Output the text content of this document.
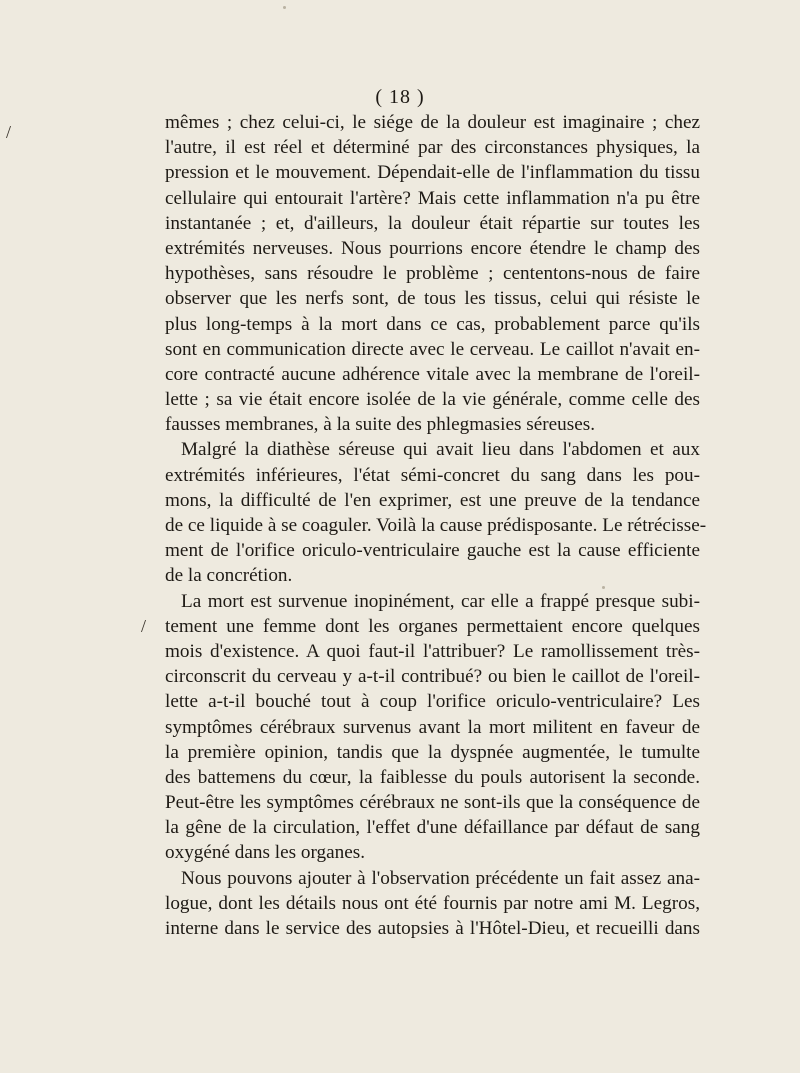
( 18 )
/
/
mêmes ; chez celui-ci, le siége de la douleur est imaginaire ; chez
l'autre, il est réel et déterminé par des circonstances physiques, la
pression et le mouvement. Dépendait-elle de l'inflammation du tissu
cellulaire qui entourait l'artère? Mais cette inflammation n'a pu être
instantanée ; et, d'ailleurs, la douleur était répartie sur toutes les
extrémités nerveuses. Nous pourrions encore étendre le champ des
hypothèses, sans résoudre le problème ; cententons-nous de faire
observer que les nerfs sont, de tous les tissus, celui qui résiste le
plus long-temps à la mort dans ce cas, probablement parce qu'ils
sont en communication directe avec le cerveau. Le caillot n'avait en-
core contracté aucune adhérence vitale avec la membrane de l'oreil-
lette ; sa vie était encore isolée de la vie générale, comme celle des
fausses membranes, à la suite des phlegmasies séreuses.
Malgré la diathèse séreuse qui avait lieu dans l'abdomen et aux
extrémités inférieures, l'état sémi-concret du sang dans les pou-
mons, la difficulté de l'en exprimer, est une preuve de la tendance
de ce liquide à se coaguler. Voilà la cause prédisposante. Le rétrécisse-
ment de l'orifice oriculo-ventriculaire gauche est la cause efficiente
de la concrétion.
La mort est survenue inopinément, car elle a frappé presque subi-
tement une femme dont les organes permettaient encore quelques
mois d'existence. A quoi faut-il l'attribuer? Le ramollissement très-
circonscrit du cerveau y a-t-il contribué? ou bien le caillot de l'oreil-
lette a-t-il bouché tout à coup l'orifice oriculo-ventriculaire? Les
symptômes cérébraux survenus avant la mort militent en faveur de
la première opinion, tandis que la dyspnée augmentée, le tumulte
des battemens du cœur, la faiblesse du pouls autorisent la seconde.
Peut-être les symptômes cérébraux ne sont-ils que la conséquence de
la gêne de la circulation, l'effet d'une défaillance par défaut de sang
oxygéné dans les organes.
Nous pouvons ajouter à l'observation précédente un fait assez ana-
logue, dont les détails nous ont été fournis par notre ami M. Legros,
interne dans le service des autopsies à l'Hôtel-Dieu, et recueilli dans
